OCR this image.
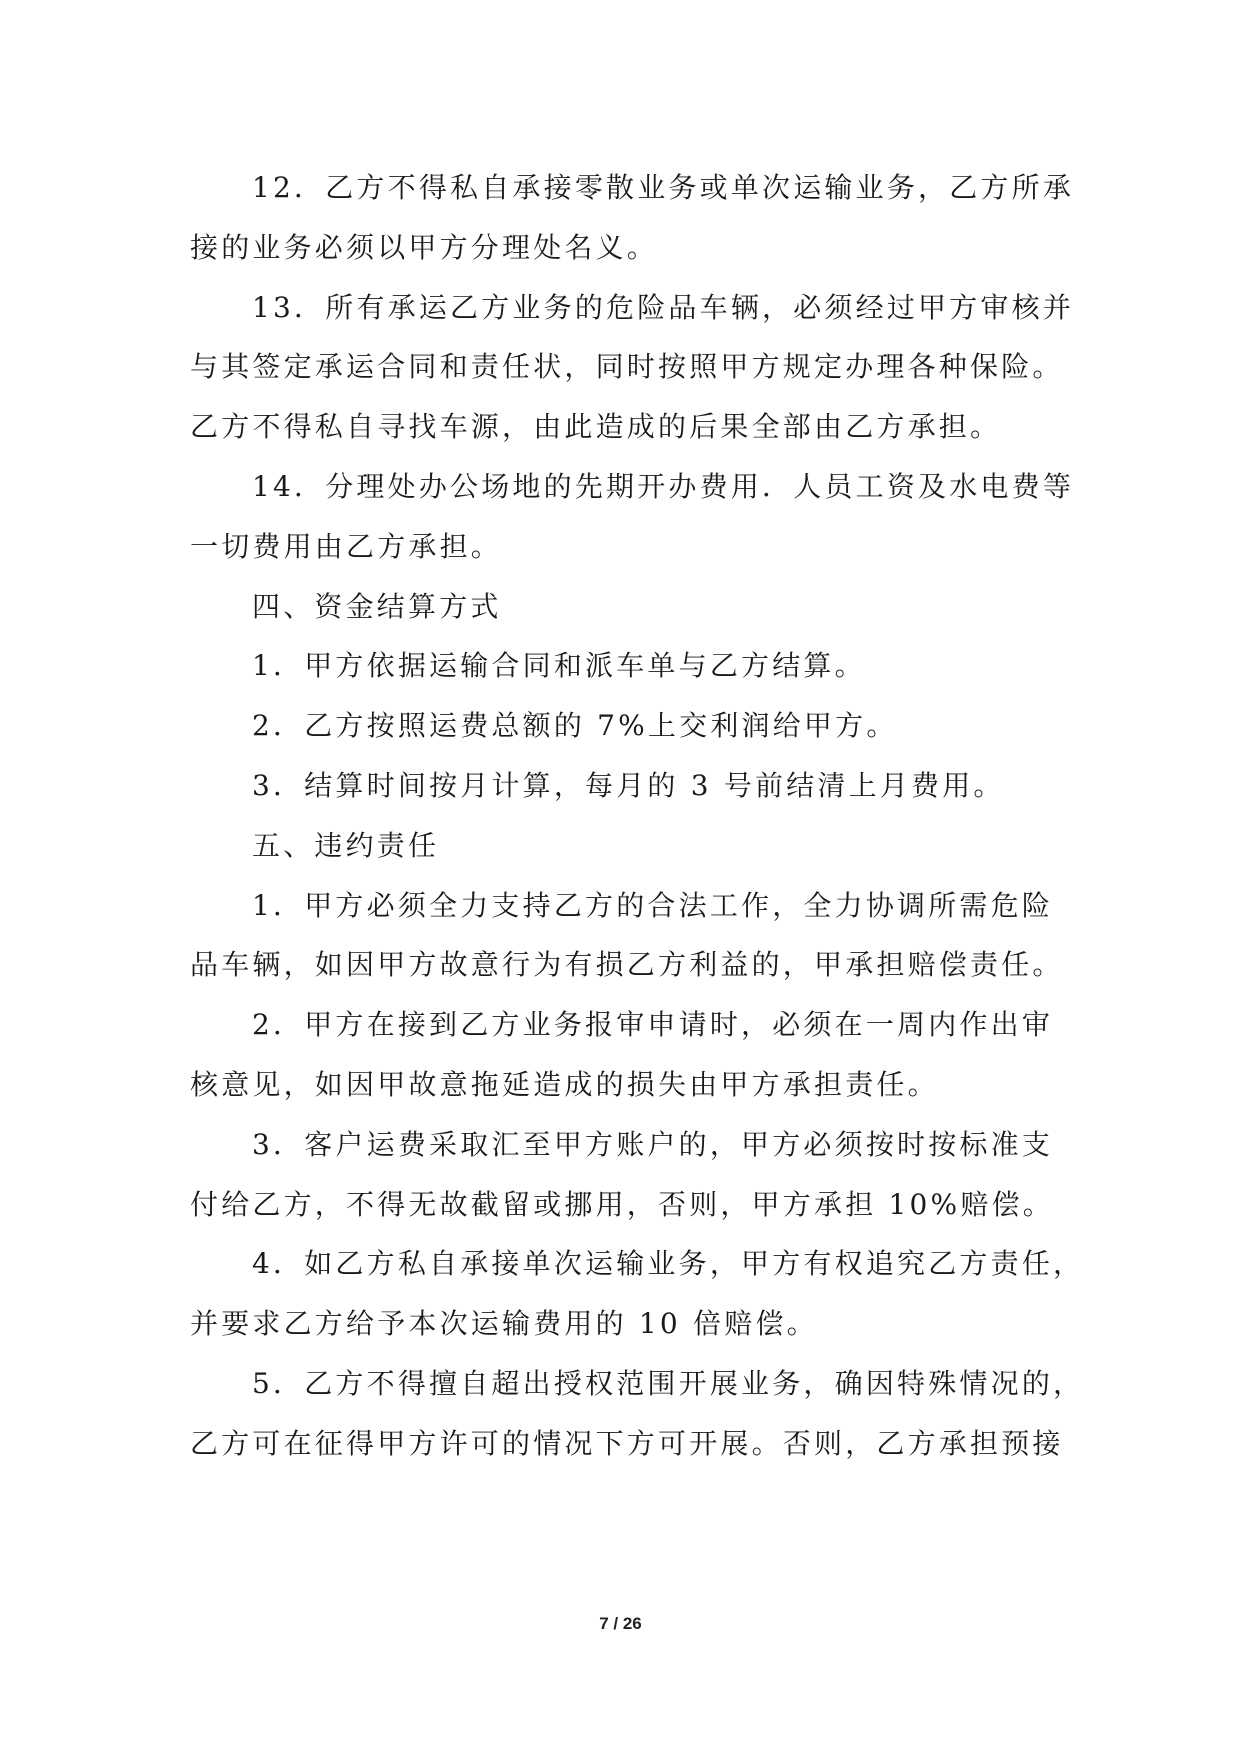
12．乙方不得私自承接零散业务或单次运输业务，乙方所承
接的业务必须以甲方分理处名义。
13．所有承运乙方业务的危险品车辆，必须经过甲方审核并
与其签定承运合同和责任状，同时按照甲方规定办理各种保险。
乙方不得私自寻找车源，由此造成的后果全部由乙方承担。
14．分理处办公场地的先期开办费用．人员工资及水电费等
一切费用由乙方承担。
四、资金结算方式
1．甲方依据运输合同和派车单与乙方结算。
2．乙方按照运费总额的 7%上交利润给甲方。
3．结算时间按月计算，每月的 3 号前结清上月费用。
五、违约责任
1．甲方必须全力支持乙方的合法工作，全力协调所需危险
品车辆，如因甲方故意行为有损乙方利益的，甲承担赔偿责任。
2．甲方在接到乙方业务报审申请时，必须在一周内作出审
核意见，如因甲故意拖延造成的损失由甲方承担责任。
3．客户运费采取汇至甲方账户的，甲方必须按时按标准支
付给乙方，不得无故截留或挪用，否则，甲方承担 10%赔偿。
4．如乙方私自承接单次运输业务，甲方有权追究乙方责任，
并要求乙方给予本次运输费用的 10 倍赔偿。
5．乙方不得擅自超出授权范围开展业务，确因特殊情况的，
乙方可在征得甲方许可的情况下方可开展。否则，乙方承担预接
7 / 26
